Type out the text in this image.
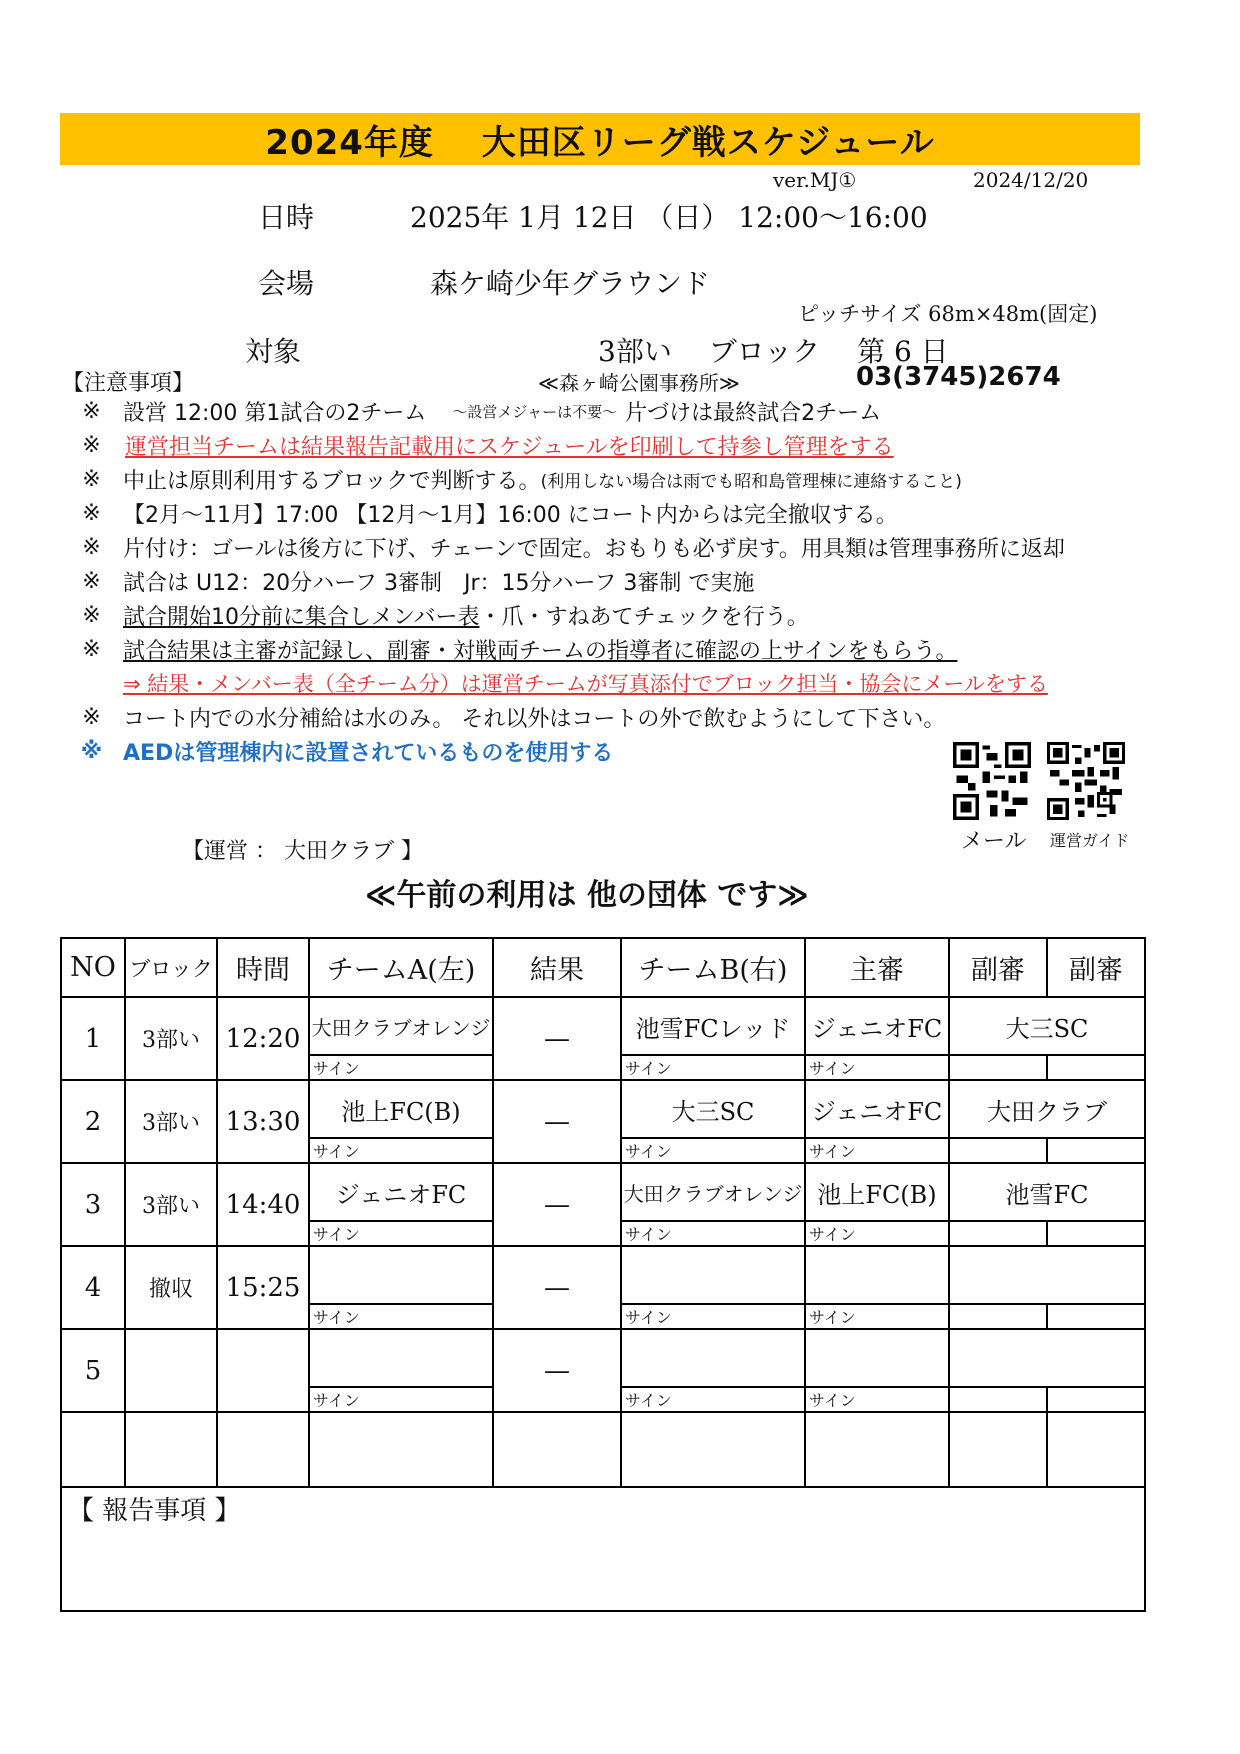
2024年度　 大田区リーグ戦スケジュール
ver.MJ①	2024/12/20
日時	2025年 1月 12日 （日） 12:00～16:00
会場	森ケ崎少年グラウンド
ピッチサイズ 68m×48m(固定)
対象	3部い　 ブロック　 第 6 日
【注意事項】	≪森ヶ崎公園事務所≫	03(3745)2674
※	設営 12:00 第1試合の2チーム ～設営メジャーは不要～ 片づけは最終試合2チーム
※	運営担当チームは結果報告記載用にスケジュールを印刷して持参し管理をする
※	中止は原則利用するブロックで判断する。 (利用しない場合は雨でも昭和島管理棟に連絡すること)
※	【2月～11月】17:00 【12月～1月】16:00 にコート内からは完全撤収する。
※	片付け：ゴールは後方に下げ、チェーンで固定。おもりも必ず戻す。用具類は管理事務所に返却
※	試合は U12：20分ハーフ 3審制　Jr：15分ハーフ 3審制 で実施
※	試合開始10分前に集合しメンバー表 ・爪・すねあてチェックを行う。
※	試合結果は主審が記録し、副審・対戦両チームの指導者に確認の上サインをもらう。
⇒ 結果・メンバー表（全チーム分）は運営チームが写真添付でブロック担当・協会にメールをする
※	コート内での水分補給は水のみ。 それ以外はコートの外で飲むようにして下さい。
※ AEDは管理棟内に設置されているものを使用する
メール 運営ガイド
【運営 ： 大田クラブ 】
≪午前の利用は 他の団体 です≫
NO	ブロック	時間	チームA(左)	結果	チームB(右)	主審	副審	副審
1	3部い	12:20	大田クラブオレンジ	—	池雪FCレッド	ジェニオFC	大三SC	
			サイン		サイン	サイン		
2	3部い	13:30	池上FC(B)	—	大三SC	ジェニオFC	大田クラブ	
			サイン		サイン	サイン		
3	3部い	14:40	ジェニオFC	—	大田クラブオレンジ	池上FC(B)	池雪FC	
			サイン		サイン	サイン		
4	撤収	15:25		—				
			サイン		サイン	サイン		
5				—				
			サイン		サイン	サイン		

【 報告事項 】
